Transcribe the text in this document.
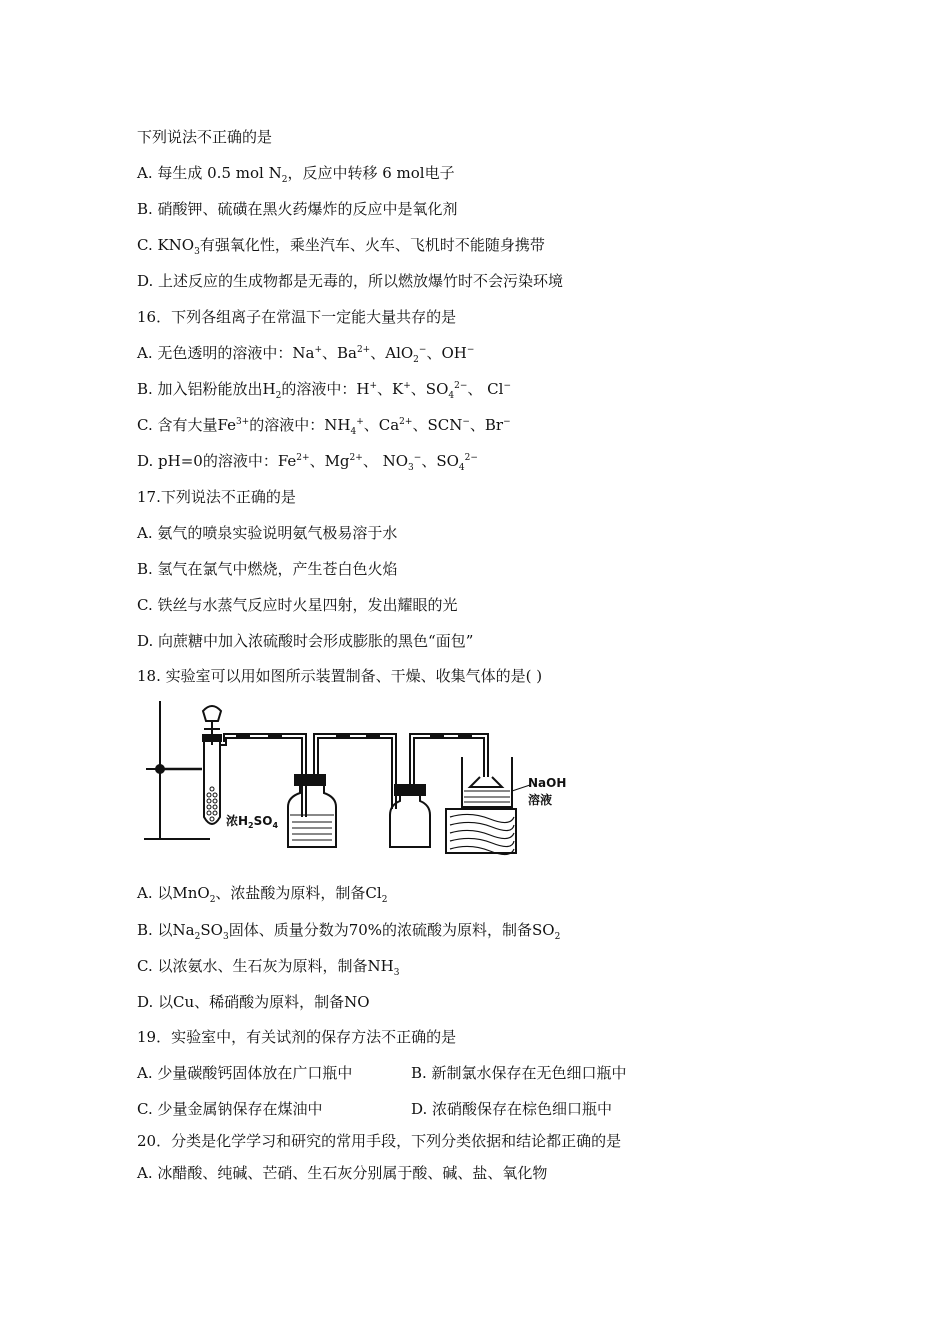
下列说法不正确的是
A. 每生成 0.5 mol $N_2$，反应中转移 6 mol电子
B. 硝酸钾、硫磺在黑火药爆炸的反应中是氧化剂
C. $KNO_3$有强氧化性，乘坐汽车、火车、飞机时不能随身携带
D. 上述反应的生成物都是无毒的，所以燃放爆竹时不会污染环境
16．下列各组离子在常温下一定能大量共存的是
A. 无色透明的溶液中：Na+、$Ba^{2+}$、AlO$_2$−、OH−
B. 加入铝粉能放出$H_2$的溶液中：H+、K+、$SO_4^{2-}$、 Cl−
C. 含有大量$Fe^{3+}$的溶液中：$NH_4^+$、$Ca^{2+}$、SCN−、Br−
D. pH=0的溶液中：$Fe^{2+}$、$Mg^{2+}$、 $NO_3^-$、$SO_4^{2-}$
17.下列说法不正确的是
A. 氨气的喷泉实验说明氨气极易溶于水
B. 氢气在氯气中燃烧，产生苍白色火焰
C. 铁丝与水蒸气反应时火星四射，发出耀眼的光
D. 向蔗糖中加入浓硫酸时会形成膨胀的黑色“面包”
18. 实验室可以用如图所示装置制备、干燥、收集气体的是( )
浓$H_2SO_4$
NaOH
溶液
A. 以MnO$_2$、浓盐酸为原料，制备$Cl_2$
B. 以$Na_2SO_3$固体、质量分数为70%的浓硫酸为原料，制备$SO_2$
C. 以浓氨水、生石灰为原料，制备$NH_3$
D. 以Cu、稀硝酸为原料，制备NO
19．实验室中，有关试剂的保存方法不正确的是
A. 少量碳酸钙固体放在广口瓶中	B. 新制氯水保存在无色细口瓶中
C. 少量金属钠保存在煤油中	D. 浓硝酸保存在棕色细口瓶中
20．分类是化学学习和研究的常用手段，下列分类依据和结论都正确的是
A. 冰醋酸、纯碱、芒硝、生石灰分别属于酸、碱、盐、氧化物
